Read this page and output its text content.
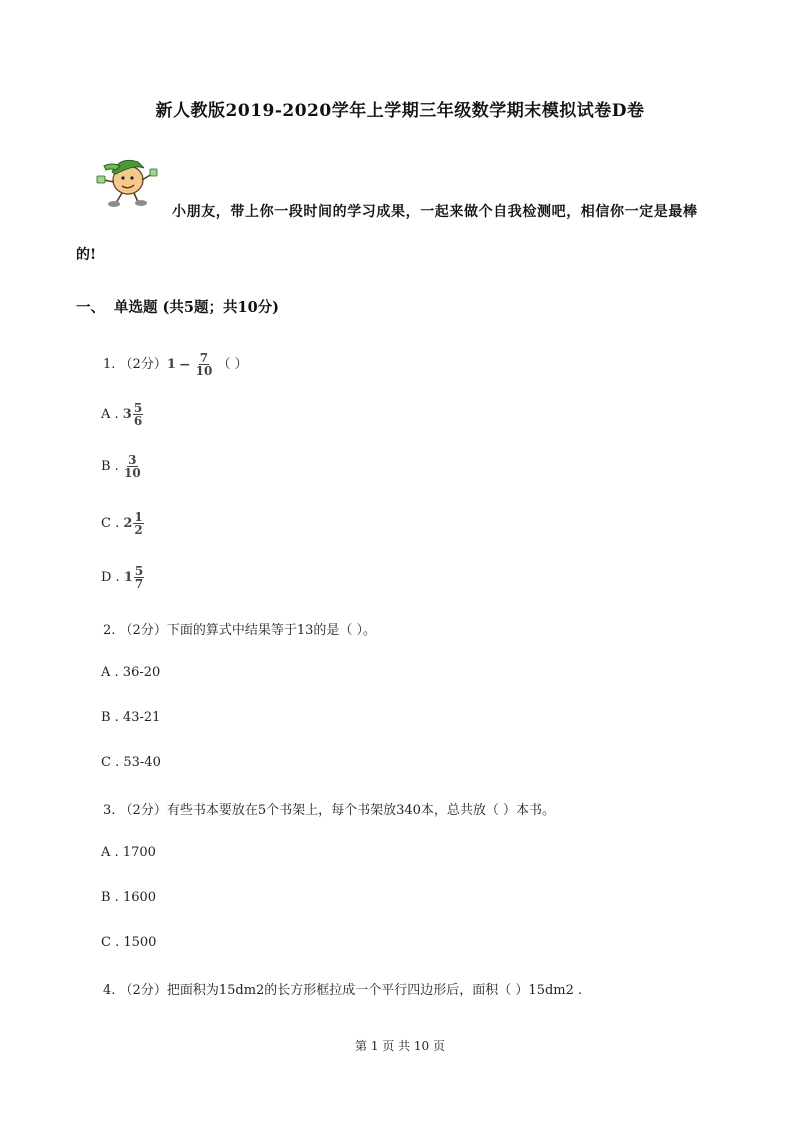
新人教版2019-2020学年上学期三年级数学期末模拟试卷D卷
小朋友，带上你一段时间的学习成果，一起来做个自我检测吧，相信你一定是最棒
的!
一、 单选题 (共5题；共10分)
1. （2分） $1 - \frac{7}{10}$ （ ）
A . 3 5
6
B . 3
10
C . 2 1
2
D . 1 5
7
2. （2分）下面的算式中结果等于13的是（ ）。
A . 36-20
B . 43-21
C . 53-40
3. （2分）有些书本要放在5个书架上，每个书架放340本，总共放（ ）本书。
A . 1700
B . 1600
C . 1500
4. （2分）把面积为15dm2的长方形框拉成一个平行四边形后，面积（ ）15dm2 .
第 1 页 共 10 页
